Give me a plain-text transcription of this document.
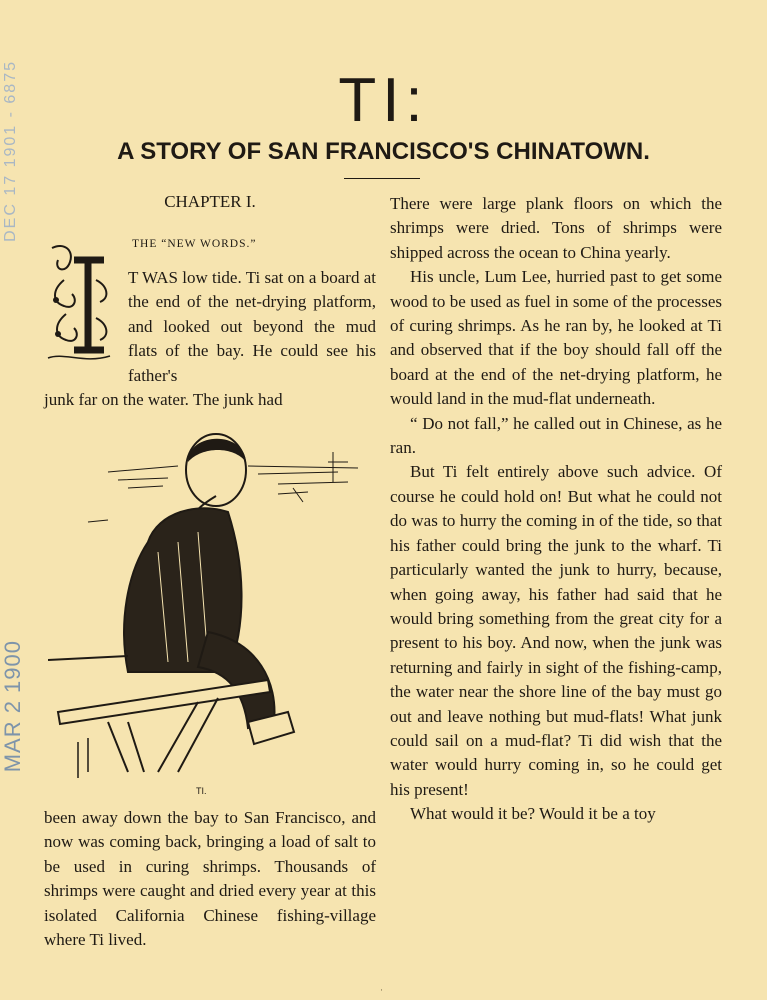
DEC 17 1901 - 6875
MAR 2 1900
TI:
A STORY OF SAN FRANCISCO'S CHINATOWN.
CHAPTER I.
THE “NEW WORDS.”
T WAS low tide. Ti sat on a board at the end of the net-drying platform, and looked out beyond the mud flats of the bay. He could see his father's
junk far on the water. The junk had
TI.
been away down the bay to San Francisco, and now was coming back, bringing a load of salt to be used in curing shrimps. Thousands of shrimps were caught and dried every year at this isolated California Chinese fishing-village where Ti lived.

There were large plank floors on which the shrimps were dried. Tons of shrimps were shipped across the ocean to China yearly.

His uncle, Lum Lee, hurried past to get some wood to be used as fuel in some of the processes of curing shrimps. As he ran by, he looked at Ti and observed that if the boy should fall off the board at the end of the net-drying platform, he would land in the mud-flat underneath.

“ Do not fall,” he called out in Chinese, as he ran.

But Ti felt entirely above such advice. Of course he could hold on! But what he could not do was to hurry the coming in of the tide, so that his father could bring the junk to the wharf. Ti particularly wanted the junk to hurry, because, when going away, his father had said that he would bring something from the great city for a present to his boy. And now, when the junk was returning and fairly in sight of the fishing-camp, the water near the shore line of the bay must go out and leave nothing but mud-flats! What junk could sail on a mud-flat? Ti did wish that the water would hurry coming in, so he could get his present!

What would it be? Would it be a toy

·
